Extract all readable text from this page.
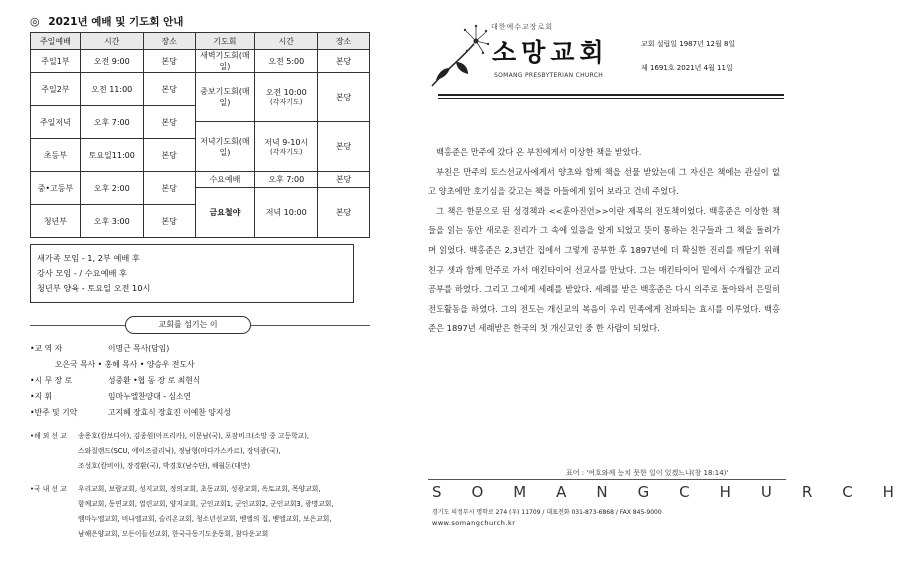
◎ 2021년 예배 및 기도회 안내
주일예배	시간	장소	기도회	시간	장소
주일1부	오전 9:00	본당	새벽기도회(매일)	오전 5:00	본당
주일2부	오전 11:00	본당	중보기도회(매일)	오전 10:00
(각자기도)	본당

주일저녁	오후 7:00	본당			
			저녁기도회(매일)	저녁 9-10시
(각자기도)	본당
초등부	토요일11:00	본당			

중•고등부	오후 2:00	본당	수요예배	오후 7:00	본당
			금요철야	저녁 10:00	본당
청년부	오후 3:00	본당			

새가족 모임 - 1, 2부 예배 후
강사 모임 - / 수요예배 후
청년부 양육 - 토요일 오전 10시
교회를 섬기는 이
•교 역 자	이명근 목사(담임)
오은국 목사 • 홍혜 목사 • 양승우 전도사
•시 무 장 로	성중환 •협 동 장 로 최현식
•지 휘	임마누엘찬양대 - 심소연
•반주 및 기악	고지혜 장효식 장효진 이예찬 양지성
•해 외 선 교	송용호(캄보디아), 김종원(아프리카), 이문남(국), 포잠비크(소망 중 고등학교),
스와질랜드(SCU, 에이즈클리닉), 정남형(마다가스카르), 장덕광(국),
조성호(캄비아), 장경환(국), 박경호(남수단), 해월돈(대만)
•국 내 선 교	우리교회, 보람교회, 성지교회, 정의교회, 초동교회, 성광교회, 옥토교회, 목양교회,
함께교회, 동연교회, 열린교회, 양지교회, 군인교회1, 군인교회2, 군인교회3, 광명교회,
엠마누엘교회, 비나엘교회, 슬리온교회, 청소년선교회, 벧엘의 집, 벧엘교회, 보은교회,
남해은양교회, 모든이들선교회, 한국극동기도운동회, 참다운교회
대한예수교장로회
소망교회
SOMANG PRESBYTERIAN CHURCH
교회 설립일 1987년 12월 8일
제 1691호 2021년 4월 11일

백홍준은 만주에 갔다 온 부친에게서 이상한 책을 받았다.

부친은 만주의 토스선교사에게서 양초와 함께 책을 선물 받았는데 그 자신은 책에는 관심이 없고 양초에만 호기심을 갖고는 책을 아들에게 읽어 보라고 건네 주었다.

그 책은 한문으로 된 성경책과 <<훈아진언>>이란 제목의 전도책이었다. 백홍준은 이상한 책들을 읽는 동안 새로운 진리가 그 속에 있음을 알게 되었고 뜻이 통하는 친구들과 그 책을 돌려가며 읽었다. 백홍준은 2,3년간 집에서 그렇게 공부한 후 1897년에 더 확실한 진리를 깨닫기 위해 친구 셋과 함께 만주로 가서 매킨타이어 선교사를 만났다. 그는 매킨타이어 밑에서 수개월간 교리 공부를 하였다. 그리고 그에게 세례를 받았다. 세례를 받은 백홍준은 다시 의주로 돌아와서 은밀히 전도활동을 하였다. 그의 전도는 개신교의 복음이 우리 민족에게 전파되는 효시를 이루었다. 백홍준은 1897년 세례받은 한국의 첫 개신교인 중 한 사람이 되었다.

표어 : '여호와께 능치 못한 일이 있겠느냐(창 18:14)'
S O M A N G C H U R C H
경기도 의정부시 명학로 274 (우) 11709 / 대표전화 031-873-6868 / FAX 845-9000
www.somangchurch.kr
